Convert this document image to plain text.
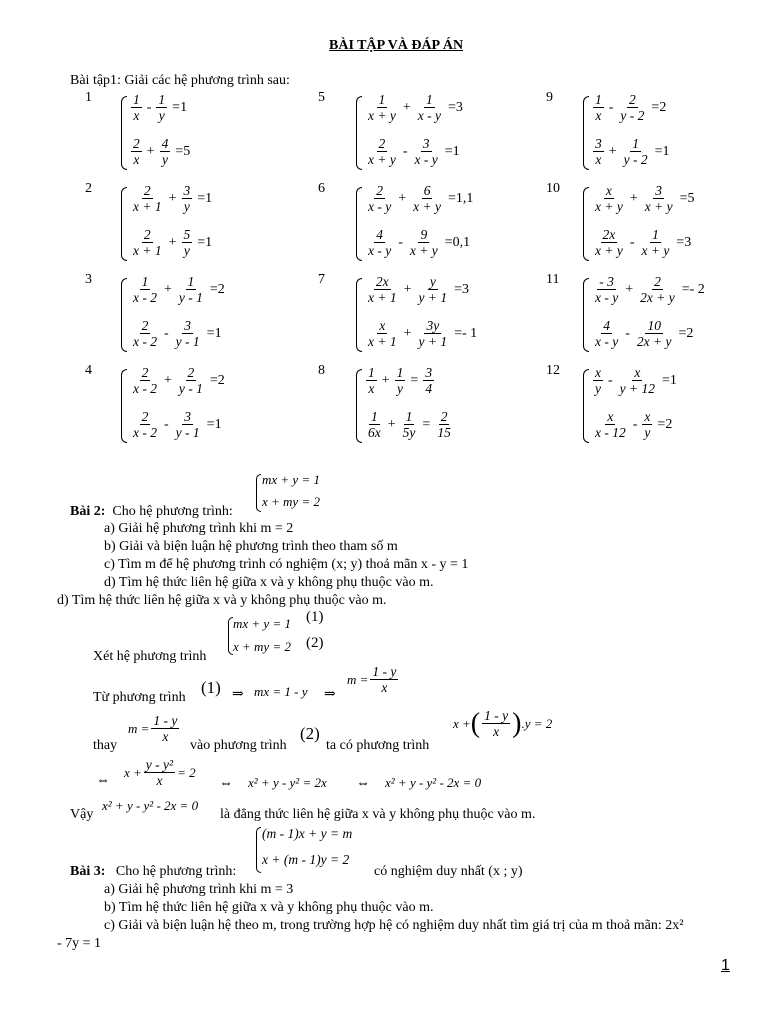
BÀI TẬP VÀ ĐÁP ÁN
Bài tập1: Giải các hệ phương trình sau:
1	$\frac{1}{x} - \frac{1}{y} =1$
$\frac{2}{x} + \frac{4}{y} =5$
2	$\frac{2}{x + 1} + \frac{3}{y} =1$
$\frac{2}{x + 1} + \frac{5}{y} =1$
3	$\frac{1}{x - 2} + \frac{1}{y - 1} =2$
$\frac{2}{x - 2} - \frac{3}{y - 1} =1$
4	$\frac{2}{x - 2} + \frac{2}{y - 1} =2$
$\frac{2}{x - 2} - \frac{3}{y - 1} =1$
5	$\frac{1}{x + y} + \frac{1}{x - y} =3$
$\frac{2}{x + y} - \frac{3}{x - y} =1$
6	$\frac{2}{x - y} + \frac{6}{x + y} =1,1$
$\frac{4}{x - y} - \frac{9}{x + y} =0,1$
7	$\frac{2x}{x + 1} + \frac{y}{y + 1} =3$
$\frac{x}{x + 1} + \frac{3y}{y + 1} =- 1$
8	$\frac{1}{x} + \frac{1}{y} = \frac{3}{4}$
$\frac{1}{6x} + \frac{1}{5y} = \frac{2}{15}$
9	$\frac{1}{x} - \frac{2}{y - 2} =2$
$\frac{3}{x} + \frac{1}{y - 2} =1$
$10 \frac{x}{x + y} + \frac{3}{x + y} =5$
$\frac{2x}{x + y} - \frac{1}{x + y} =3$
$11 \frac{- 3}{x - y} + \frac{2}{2x + y} =- 2$
$\frac{4}{x - y} - \frac{10}{2x + y} =2$
$12 \frac{x}{y} - \frac{x}{y + 12} =1$
$\frac{x}{x - 12} - \frac{x}{y} =2$
mx + y = 1
x + my = 2
Bài 2: Cho hệ phương trình:
a) Giải hệ phương trình khi m = 2
b) Giải và biện luận hệ phương trình theo tham số m
c) Tìm m để hệ phương trình có nghiệm (x; y) thoả mãn x - y = 1
d) Tìm hệ thức liên hệ giữa x và y không phụ thuộc vào m.
d) Tìm hệ thức liên hệ giữa x và y không phụ thuộc vào m.
mx + y = 1
x + my = 2
(1)
(2)
Xét hệ phương trình
Từ phương trình
(1) ⇒ mx = 1 - y ⇒
$m = \frac{1 - y}{x}$
$m = \frac{1 - y}{x}$
thay	vào phương trình
(2)
ta có phương trình
x + ( $\frac{1 - y}{x}$ ) .y = 2
⇔
$x + \frac{\text{y - y²}}{x} = 2$
⇔ x² + y - y² = 2x ⇔ x² + y - y² - 2x = 0
Vậy
x² + y - y² - 2x = 0
là đẳng thức liên hệ giữa x và y không phụ thuộc vào m.
(m - 1)x + y = m
x + (m - 1)y = 2
Bài 3: Cho hệ phương trình:	có nghiệm duy nhất (x ; y)
a) Giải hệ phương trình khi m = 3
b) Tìm hệ thức liên hệ giữa x và y không phụ thuộc vào m.
c) Giải và biện luận hệ theo m, trong trường hợp hệ có nghiệm duy nhất tìm giá trị của m thoả mãn: 2x²
- 7y = 1
1
